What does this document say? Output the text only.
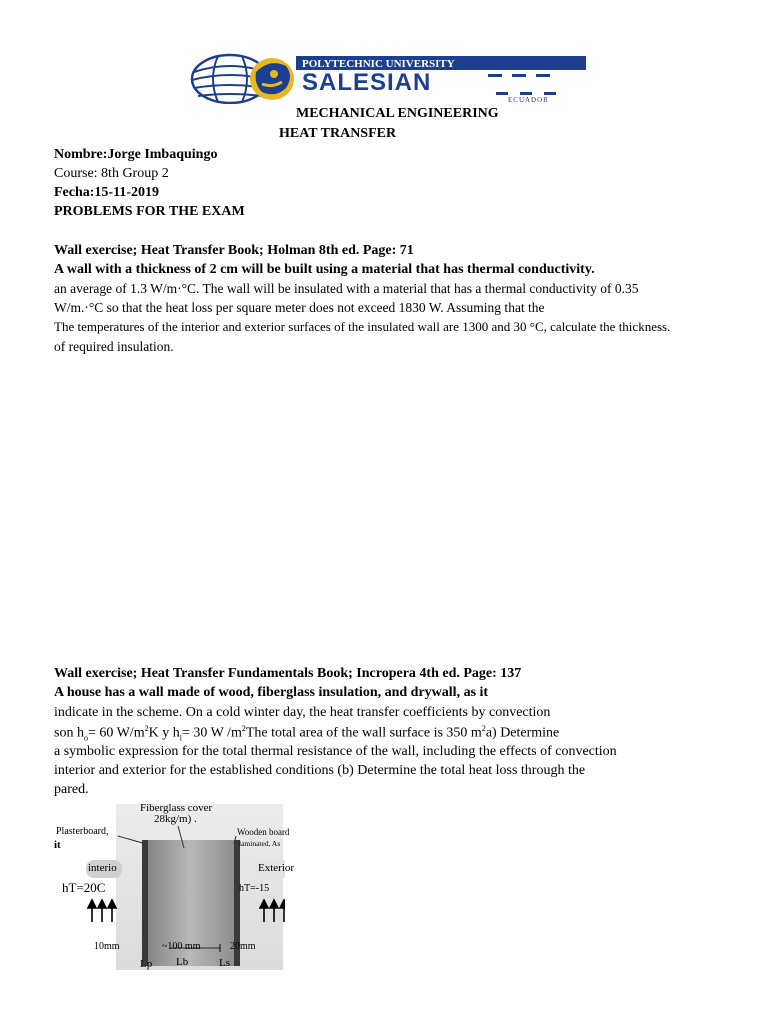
POLYTECHNIC UNIVERSITY
SALESIAN
ECUADOR
MECHANICAL ENGINEERING
HEAT TRANSFER
Nombre:Jorge Imbaquingo
Course: 8th Group 2
Fecha:15-11-2019
PROBLEMS FOR THE EXAM
Wall exercise; Heat Transfer Book; Holman 8th ed. Page: 71
A wall with a thickness of 2 cm will be built using a material that has thermal conductivity.
an average of 1.3 W/m·°C. The wall will be insulated with a material that has a thermal conductivity of 0.35
W/m.·°C so that the heat loss per square meter does not exceed 1830 W. Assuming that the
The temperatures of the interior and exterior surfaces of the insulated wall are 1300 and 30 °C, calculate the thickness.
of required insulation.
Wall exercise; Heat Transfer Fundamentals Book; Incropera 4th ed. Page: 137
A house has a wall made of wood, fiberglass insulation, and drywall, as it
indicate in the scheme. On a cold winter day, the heat transfer coefficients by convection
son $h_o= 60$ $W/m^2K$ y $h_i= 30$ W $/m^2The$ total area of the wall surface is 350 $m^2a$) Determine
a symbolic expression for the total thermal resistance of the wall, including the effects of convection
interior and exterior for the established conditions (b) Determine the total heat loss through the
pared.
Fiberglass cover
28kg/m) .
Plasterboard,
it
Wooden board
laminated, As
interio	Exterior
hT=20C	hT=-15
10mm	~100 mm	20mm
Lp Lb	Ls
